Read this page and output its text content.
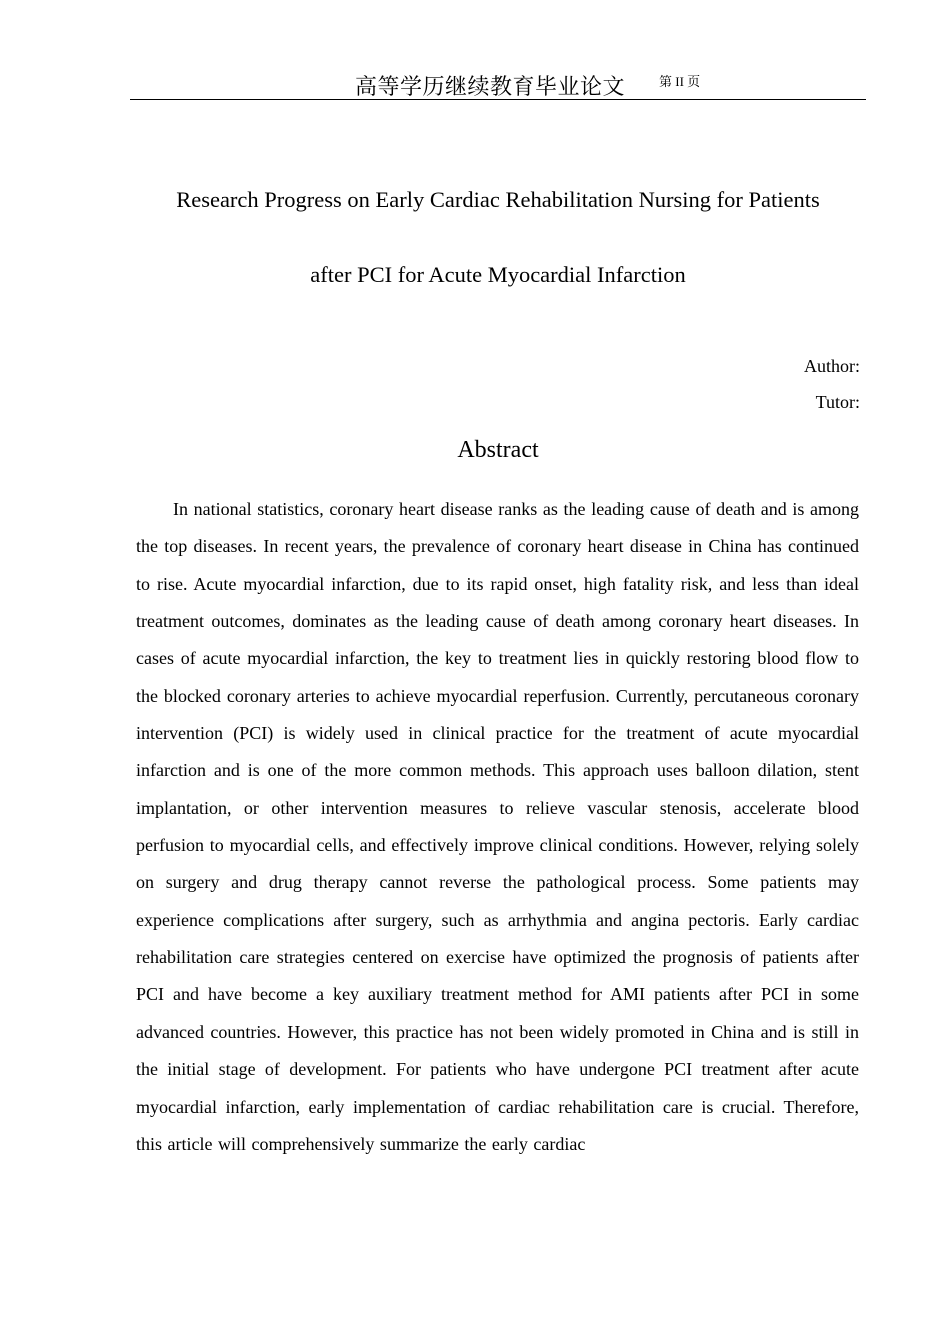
高等学历继续教育毕业论文	第 II 页
Research Progress on Early Cardiac Rehabilitation Nursing for Patients
after PCI for Acute Myocardial Infarction
Author:
Tutor:
Abstract

In national statistics, coronary heart disease ranks as the leading cause of death and is among the top diseases. In recent years, the prevalence of coronary heart disease in China has continued to rise. Acute myocardial infarction, due to its rapid onset, high fatality risk, and less than ideal treatment outcomes, dominates as the leading cause of death among coronary heart diseases. In cases of acute myocardial infarction, the key to treatment lies in quickly restoring blood flow to the blocked coronary arteries to achieve myocardial reperfusion. Currently, percutaneous coronary intervention (PCI) is widely used in clinical practice for the treatment of acute myocardial infarction and is one of the more common methods. This approach uses balloon dilation, stent implantation, or other intervention measures to relieve vascular stenosis, accelerate blood perfusion to myocardial cells, and effectively improve clinical conditions. However, relying solely on surgery and drug therapy cannot reverse the pathological process. Some patients may experience complications after surgery, such as arrhythmia and angina pectoris. Early cardiac rehabilitation care strategies centered on exercise have optimized the prognosis of patients after PCI and have become a key auxiliary treatment method for AMI patients after PCI in some advanced countries. However, this practice has not been widely promoted in China and is still in the initial stage of development. For patients who have undergone PCI treatment after acute myocardial infarction, early implementation of cardiac rehabilitation care is crucial. Therefore, this article will comprehensively summarize the early cardiac
